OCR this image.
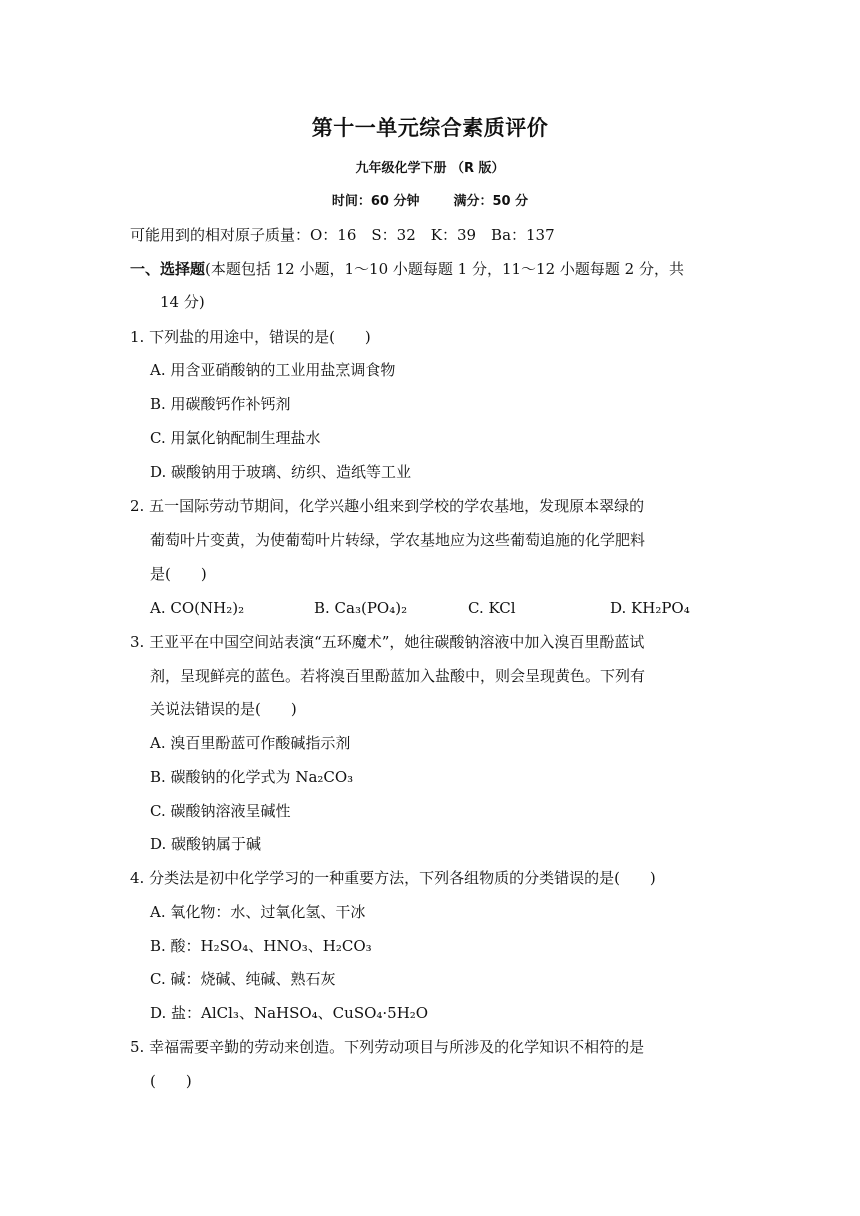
第十一单元综合素质评价
九年级化学下册 （R 版）
时间：60 分钟	满分：50 分
可能用到的相对原子质量：O：16　S：32　K：39　Ba：137
一、选择题(本题包括 12 小题，1～10 小题每题 1 分，11～12 小题每题 2 分，共
14 分)
1. 下列盐的用途中，错误的是(　　)
A. 用含亚硝酸钠的工业用盐烹调食物
B. 用碳酸钙作补钙剂
C. 用氯化钠配制生理盐水
D. 碳酸钠用于玻璃、纺织、造纸等工业
2. 五一国际劳动节期间，化学兴趣小组来到学校的学农基地，发现原本翠绿的
葡萄叶片变黄，为使葡萄叶片转绿，学农基地应为这些葡萄追施的化学肥料
是(　　)
A. CO(NH₂)₂	B. Ca₃(PO₄)₂	C. KCl	D. KH₂PO₄
3. 王亚平在中国空间站表演“五环魔术”，她往碳酸钠溶液中加入溴百里酚蓝试
剂，呈现鲜亮的蓝色。若将溴百里酚蓝加入盐酸中，则会呈现黄色。下列有
关说法错误的是(　　)
A. 溴百里酚蓝可作酸碱指示剂
B. 碳酸钠的化学式为 Na₂CO₃
C. 碳酸钠溶液呈碱性
D. 碳酸钠属于碱
4. 分类法是初中化学学习的一种重要方法，下列各组物质的分类错误的是(　　)
A. 氧化物：水、过氧化氢、干冰
B. 酸：H₂SO₄、HNO₃、H₂CO₃
C. 碱：烧碱、纯碱、熟石灰
D. 盐：AlCl₃、NaHSO₄、CuSO₄·5H₂O
5. 幸福需要辛勤的劳动来创造。下列劳动项目与所涉及的化学知识不相符的是
(　　)
